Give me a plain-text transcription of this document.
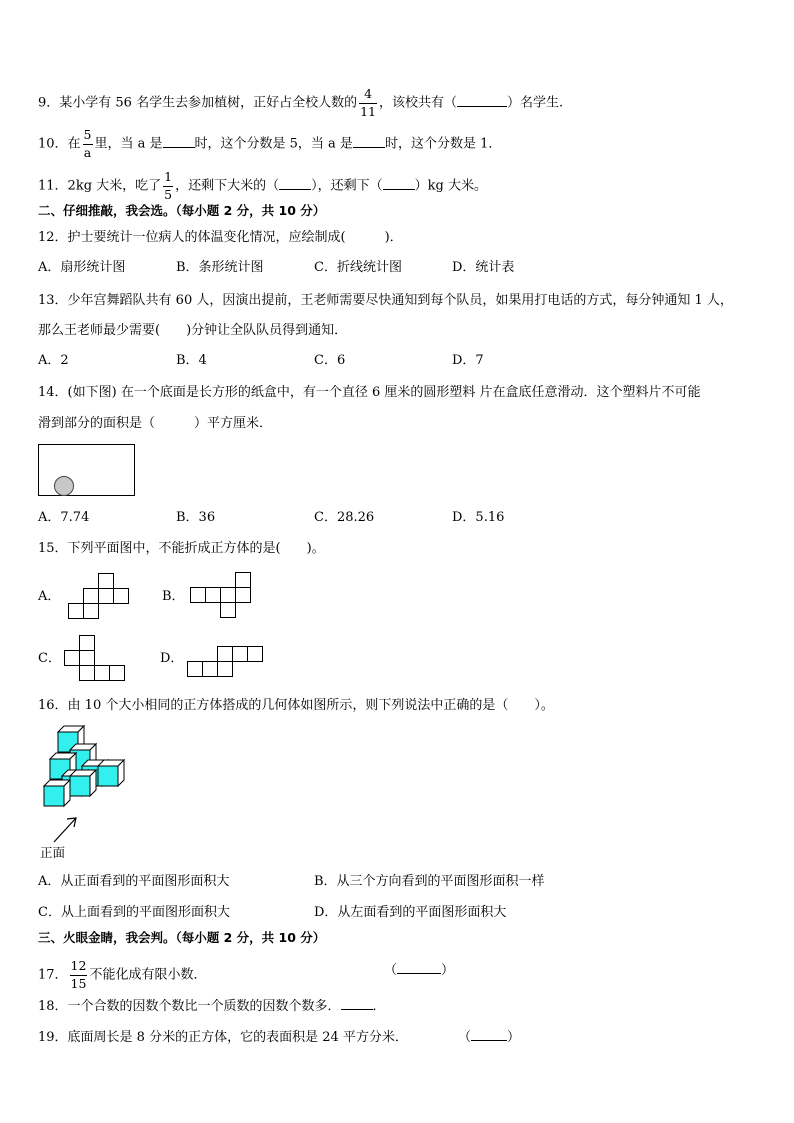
9．某小学有 56 名学生去参加植树，正好占全校人数的 $\frac{4}{11}$ ，该校共有（	）名学生.
10．在 $\frac{5}{a}$ 里，当 a 是 时，这个分数是 5，当 a 是 时，这个分数是 1．
11．2kg 大米，吃了 $\frac{1}{5}$ ，还剩下大米的（ ），还剩下（ ）kg 大米。
二、仔细推敲，我会选。（每小题 2 分，共 10 分）
12．护士要统计一位病人的体温变化情况，应绘制成(　　　)．
A．扇形统计图	B．条形统计图	C．折线统计图	D．统计表
13．少年宫舞蹈队共有 60 人，因演出提前，王老师需要尽快通知到每个队员，如果用打电话的方式，每分钟通知 1 人，
那么王老师最少需要(　　)分钟让全队队员得到通知．
A．2	B．4	C．6	D．7
14．(如下图) 在一个底面是长方形的纸盒中，有一个直径 6 厘米的圆形塑料 片在盒底任意滑动．这个塑料片不可能
滑到部分的面积是（　　　）平方厘米．
A．7.74	B．36	C．28.26	D．5.16
15．下列平面图中，不能折成正方体的是(　　)。
A．	B．
C．	D．
16．由 10 个大小相同的正方体搭成的几何体如图所示，则下列说法中正确的是（　　）。
正面
A．从正面看到的平面图形面积大	B．从三个方向看到的平面图形面积一样
C．从上面看到的平面图形面积大	D．从左面看到的平面图形面积大
三、火眼金睛，我会判。（每小题 2 分，共 10 分）
17． $\frac{12}{15}$ 不能化成有限小数．	（	）
18．一个合数的因数个数比一个质数的因数个数多． ．
19．底面周长是 8 分米的正方体，它的表面积是 24 平方分米．	（	）
